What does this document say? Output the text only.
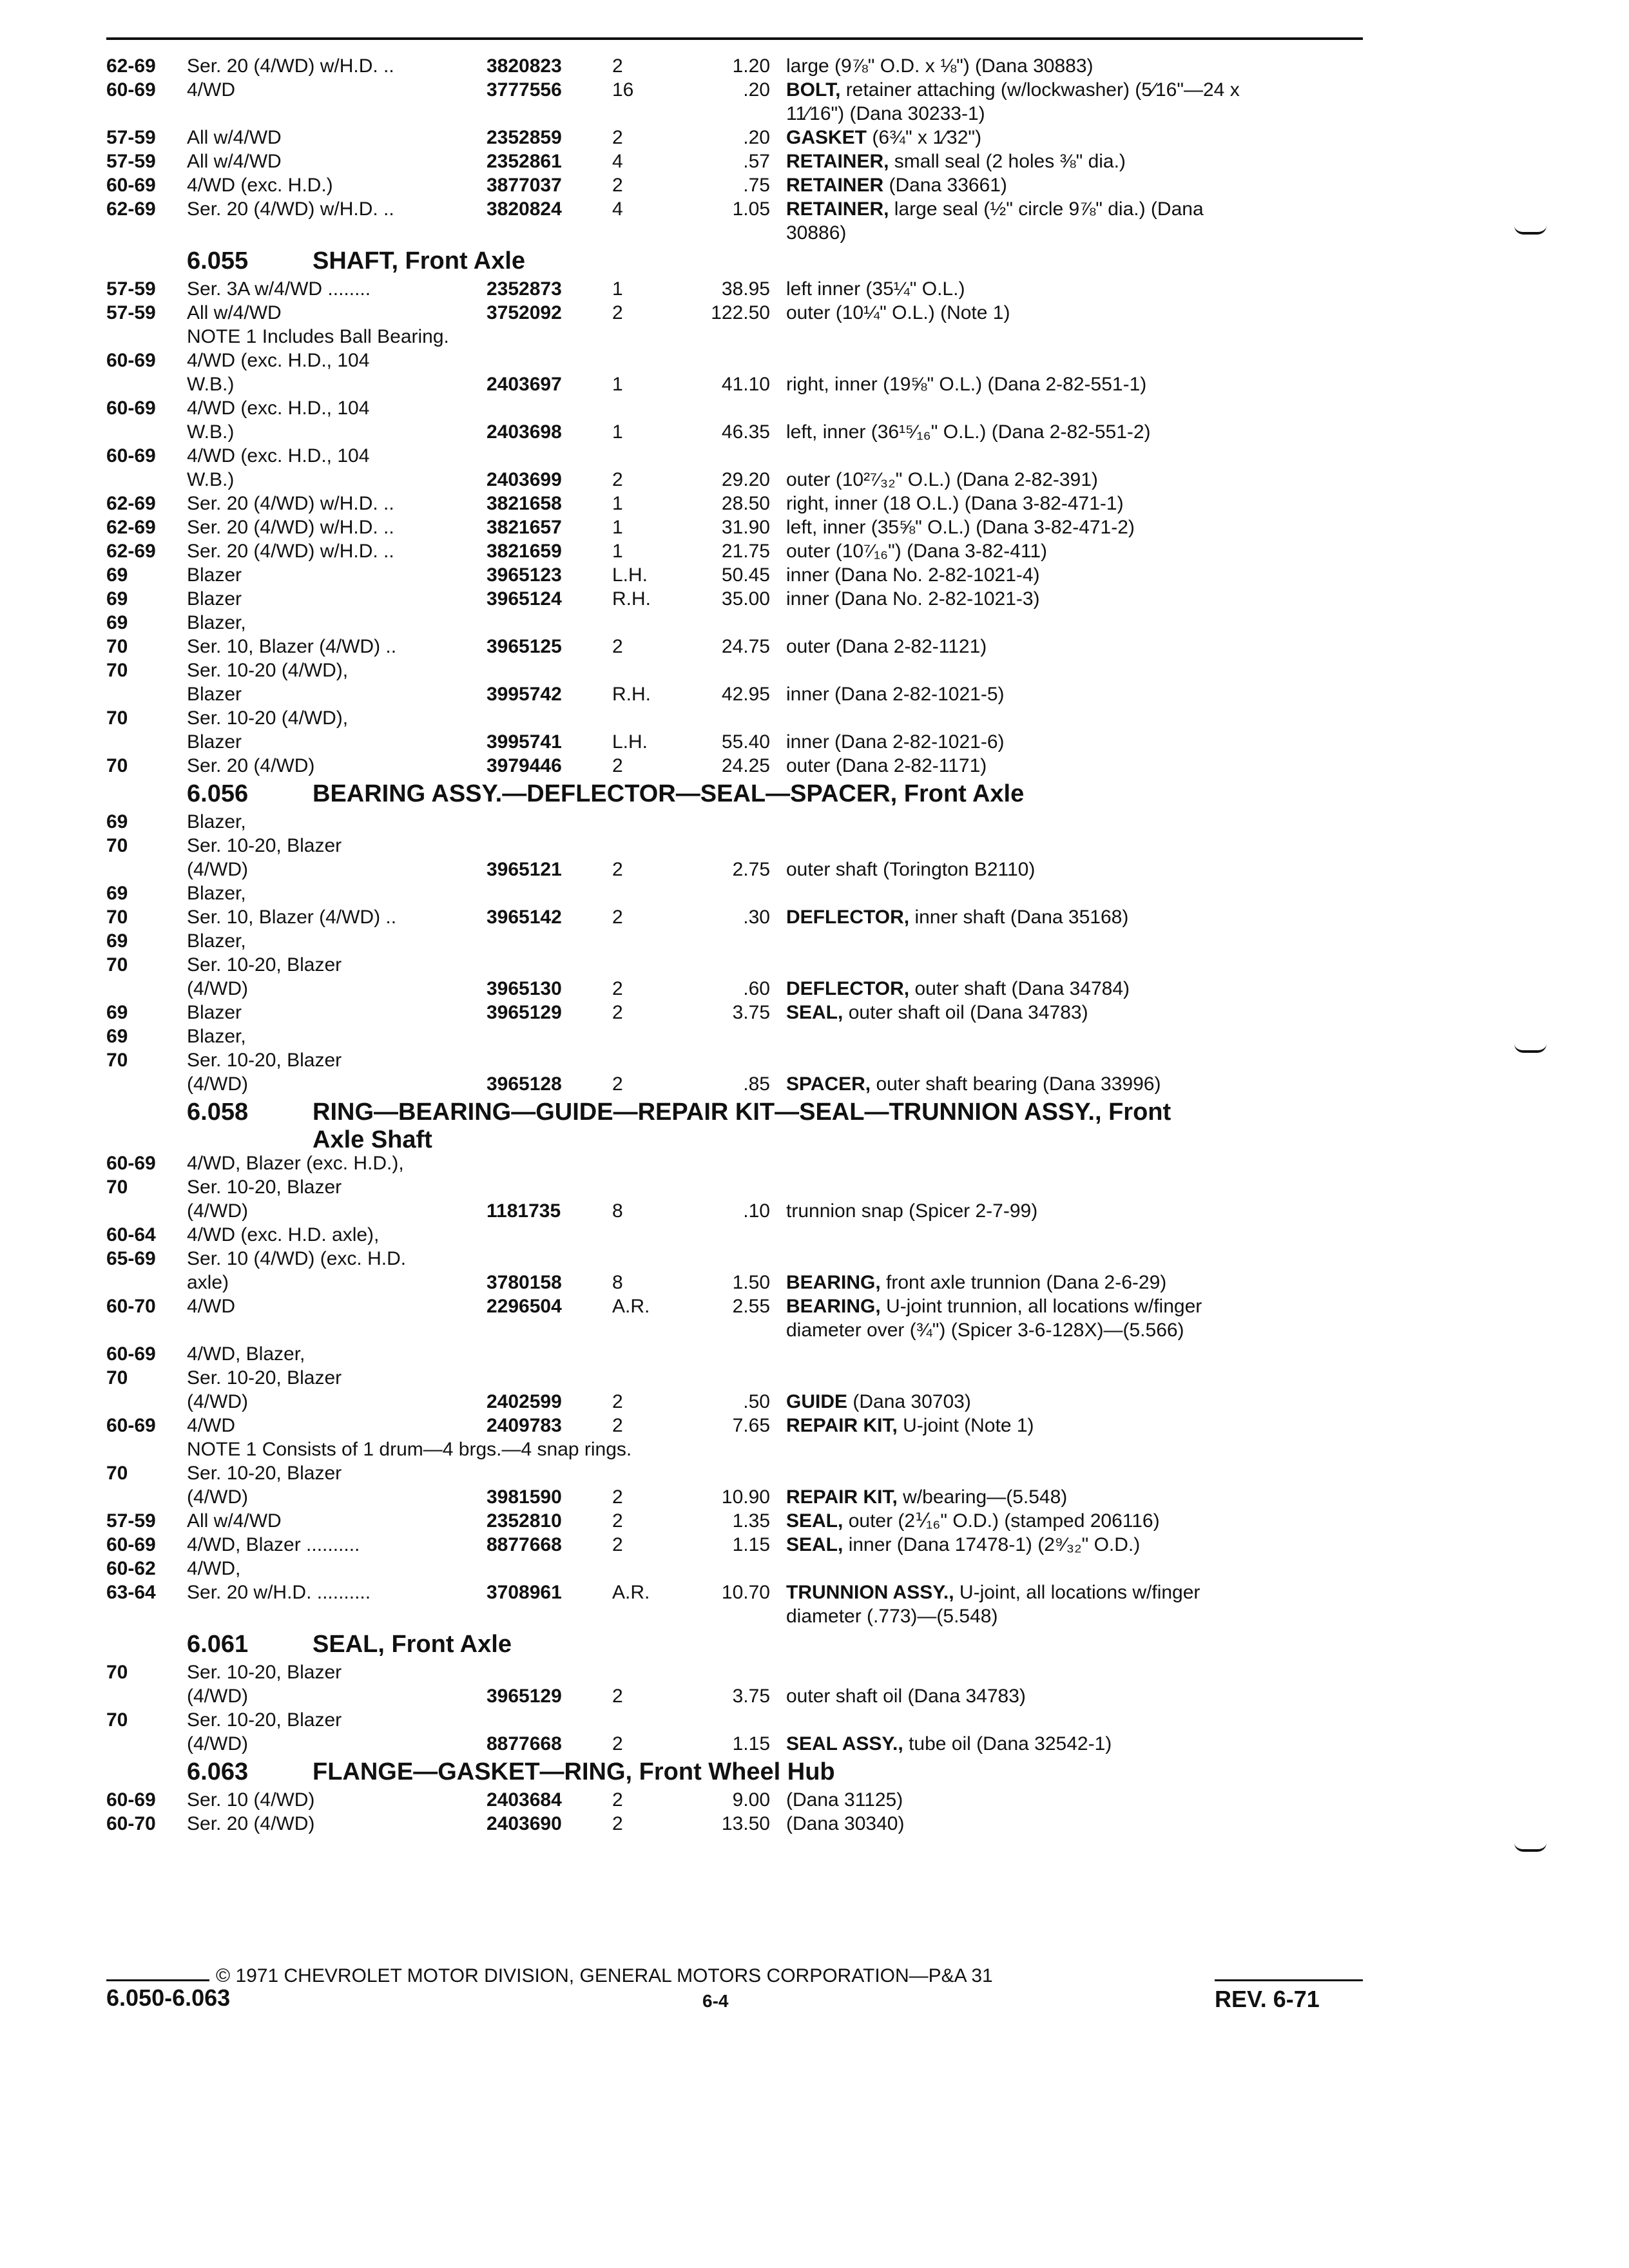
62-69	Ser. 20 (4/WD) w/H.D. ..	3820823	2	1.20 large (9⅞" O.D. x ⅛") (Dana 30883)
60-69	4/WD	3777556	16	.20 BOLT, retainer attaching (w/lockwasher) (5⁄16"—24 x
11⁄16") (Dana 30233-1)
57-59	All w/4/WD	2352859	2	.20 GASKET (6¾" x 1⁄32")
57-59	All w/4/WD	2352861	4	.57 RETAINER, small seal (2 holes ⅜" dia.)
60-69	4/WD (exc. H.D.)	3877037	2	.75 RETAINER (Dana 33661)
62-69	Ser. 20 (4/WD) w/H.D. ..	3820824	4	1.05 RETAINER, large seal (½" circle 9⅞" dia.) (Dana
30886)
6.055	SHAFT, Front Axle
57-59	Ser. 3A w/4/WD ........	2352873	1	38.95 left inner (35¼" O.L.)
57-59	All w/4/WD	3752092	2	122.50 outer (10¼" O.L.) (Note 1)
NOTE 1 Includes Ball Bearing.
60-69	4/WD (exc. H.D., 104
W.B.)	2403697	1	41.10 right, inner (19⅝" O.L.) (Dana 2-82-551-1)
60-69	4/WD (exc. H.D., 104
W.B.)	2403698	1	46.35 left, inner (36¹⁵⁄₁₆" O.L.) (Dana 2-82-551-2)
60-69	4/WD (exc. H.D., 104
W.B.)	2403699	2	29.20 outer (10²⁷⁄₃₂" O.L.) (Dana 2-82-391)
62-69	Ser. 20 (4/WD) w/H.D. ..	3821658	1	28.50 right, inner (18 O.L.) (Dana 3-82-471-1)
62-69	Ser. 20 (4/WD) w/H.D. ..	3821657	1	31.90 left, inner (35⅝" O.L.) (Dana 3-82-471-2)
62-69	Ser. 20 (4/WD) w/H.D. ..	3821659	1	21.75 outer (10⁷⁄₁₆") (Dana 3-82-411)
69	Blazer	3965123	L.H.	50.45 inner (Dana No. 2-82-1021-4)
69	Blazer	3965124	R.H.	35.00 inner (Dana No. 2-82-1021-3)
69	Blazer,
70	Ser. 10, Blazer (4/WD) ..	3965125	2	24.75 outer (Dana 2-82-1121)
70	Ser. 10-20 (4/WD),
Blazer	3995742	R.H.	42.95 inner (Dana 2-82-1021-5)
70	Ser. 10-20 (4/WD),
Blazer	3995741	L.H.	55.40 inner (Dana 2-82-1021-6)
70	Ser. 20 (4/WD)	3979446	2	24.25 outer (Dana 2-82-1171)
6.056	BEARING ASSY.—DEFLECTOR—SEAL—SPACER, Front Axle
69	Blazer,
70	Ser. 10-20, Blazer
(4/WD)	3965121	2	2.75 outer shaft (Torington B2110)
69	Blazer,
70	Ser. 10, Blazer (4/WD) ..	3965142	2	.30 DEFLECTOR, inner shaft (Dana 35168)
69	Blazer,
70	Ser. 10-20, Blazer
(4/WD)	3965130	2	.60 DEFLECTOR, outer shaft (Dana 34784)
69	Blazer	3965129	2	3.75 SEAL, outer shaft oil (Dana 34783)
69	Blazer,
70	Ser. 10-20, Blazer
(4/WD)	3965128	2	.85 SPACER, outer shaft bearing (Dana 33996)
6.058	RING—BEARING—GUIDE—REPAIR KIT—SEAL—TRUNNION ASSY., Front
Axle Shaft
60-69	4/WD, Blazer (exc. H.D.),
70	Ser. 10-20, Blazer
(4/WD)	1181735	8	.10 trunnion snap (Spicer 2-7-99)
60-64	4/WD (exc. H.D. axle),
65-69	Ser. 10 (4/WD) (exc. H.D.
axle)	3780158	8	1.50 BEARING, front axle trunnion (Dana 2-6-29)
60-70	4/WD	2296504	A.R.	2.55 BEARING, U-joint trunnion, all locations w/finger
diameter over (¾") (Spicer 3-6-128X)—(5.566)
60-69	4/WD, Blazer,
70	Ser. 10-20, Blazer
(4/WD)	2402599	2	.50 GUIDE (Dana 30703)
60-69	4/WD	2409783	2	7.65 REPAIR KIT, U-joint (Note 1)
NOTE 1 Consists of 1 drum—4 brgs.—4 snap rings.
70	Ser. 10-20, Blazer
(4/WD)	3981590	2	10.90 REPAIR KIT, w/bearing—(5.548)
57-59	All w/4/WD	2352810	2	1.35 SEAL, outer (2⅟₁₆" O.D.) (stamped 206116)
60-69	4/WD, Blazer ..........	8877668	2	1.15 SEAL, inner (Dana 17478-1) (2⁹⁄₃₂" O.D.)
60-62	4/WD,
63-64	Ser. 20 w/H.D. ..........	3708961	A.R.	10.70 TRUNNION ASSY., U-joint, all locations w/finger
diameter (.773)—(5.548)
6.061	SEAL, Front Axle
70	Ser. 10-20, Blazer
(4/WD)	3965129	2	3.75 outer shaft oil (Dana 34783)
70	Ser. 10-20, Blazer
(4/WD)	8877668	2	1.15 SEAL ASSY., tube oil (Dana 32542-1)
6.063	FLANGE—GASKET—RING, Front Wheel Hub
60-69	Ser. 10 (4/WD)	2403684	2	9.00 (Dana 31125)
60-70	Ser. 20 (4/WD)	2403690	2	13.50 (Dana 30340)
© 1971 CHEVROLET MOTOR DIVISION, GENERAL MOTORS CORPORATION—P&A 31
6.050-6.063	6-4	REV. 6-71
